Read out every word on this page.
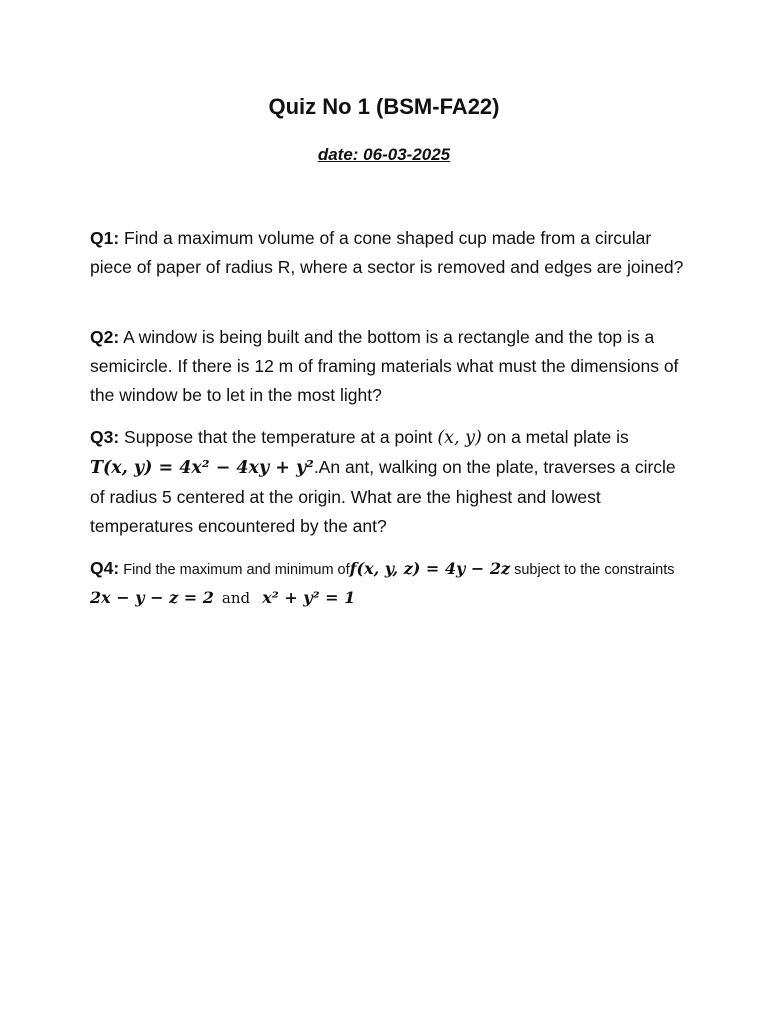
Quiz No 1 (BSM-FA22)
date: 06-03-2025

Q1: Find a maximum volume of a cone shaped cup made from a circular piece of paper of radius R, where a sector is removed and edges are joined?

Q2: A window is being built and the bottom is a rectangle and the top is a semicircle. If there is 12 m of framing materials what must the dimensions of the window be to let in the most light?

Q3: Suppose that the temperature at a point (x, y) on a metal plate is
T(x, y) = 4x² − 4xy + y².An ant, walking on the plate, traverses a circle of radius 5 centered at the origin. What are the highest and lowest temperatures encountered by the ant?

Q4: Find the maximum and minimum off(x, y, z) = 4y − 2z subject to the constraints 2x − y − z = 2 and x² + y² = 1
